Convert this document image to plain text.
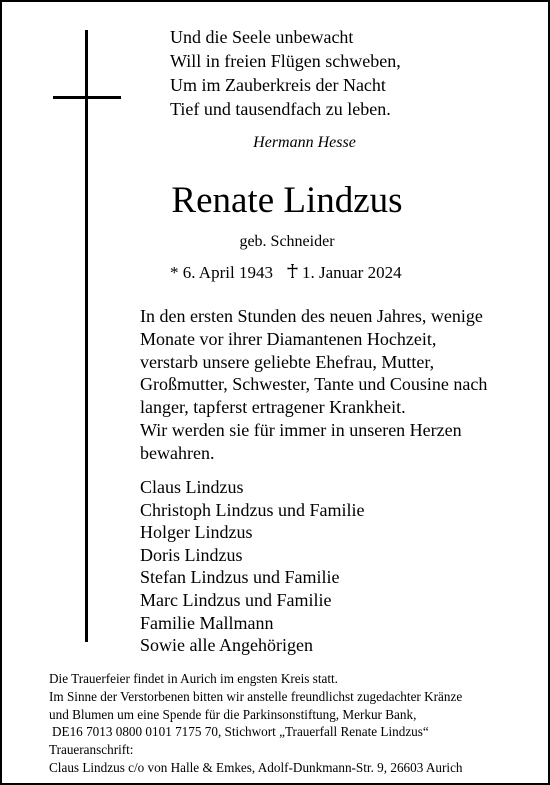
Und die Seele unbewacht
Will in freien Flügen schweben,
Um im Zauberkreis der Nacht
Tief und tausendfach zu leben.
Hermann Hesse
Renate Lindzus
geb. Schneider
* 6. April 1943 1. Januar 2024
In den ersten Stunden des neuen Jahres, wenige
Monate vor ihrer Diamantenen Hochzeit,
verstarb unsere geliebte Ehefrau, Mutter,
Großmutter, Schwester, Tante und Cousine nach
langer, tapferst ertragener Krankheit.
Wir werden sie für immer in unseren Herzen
bewahren.
Claus Lindzus
Christoph Lindzus und Familie
Holger Lindzus
Doris Lindzus
Stefan Lindzus und Familie
Marc Lindzus und Familie
Familie Mallmann
Sowie alle Angehörigen
Die Trauerfeier findet in Aurich im engsten Kreis statt.
Im Sinne der Verstorbenen bitten wir anstelle freundlichst zugedachter Kränze
und Blumen um eine Spende für die Parkinsonstiftung, Merkur Bank,
DE16 7013 0800 0101 7175 70, Stichwort „Trauerfall Renate Lindzus“
Traueranschrift:
Claus Lindzus c/o von Halle & Emkes, Adolf-Dunkmann-Str. 9, 26603 Aurich
